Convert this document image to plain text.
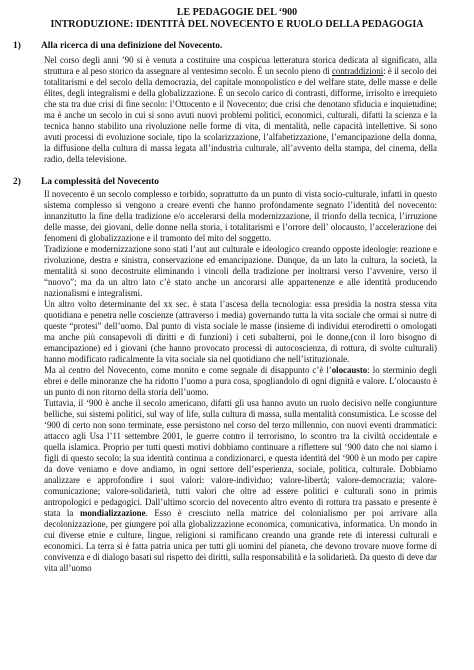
LE PEDAGOGIE DEL ‘900
INTRODUZIONE: IDENTITÀ DEL NOVECENTO E RUOLO DELLA PEDAGOGIA
1)	Alla ricerca di una definizione del Novecento.

Nel corso degli anni ’90 si è venuta a costituire una cospicua letteratura storica dedicata al significato, alla struttura e al peso storico da assegnare al ventesimo secolo. È un secolo pieno di contraddizioni: è il secolo dei totalitarismi e del secolo della democrazia, del capitale monopolistico e del welfare state, delle masse e delle élites, degli integralismi e della globalizzazione. È un secolo carico di contrasti, difforme, irrisolto e irrequieto che sta tra due crisi di fine secolo: l’Ottocento e il Novecento; due crisi che denotano sfiducia e inquietudine; ma è anche un secolo in cui si sono avuti nuovi problemi politici, economici, culturali, difatti la scienza e la tecnica hanno stabilito una rivoluzione nelle forme di vita, di mentalità, nelle capacità intellettive. Si sono avuti processi di evoluzione sociale, tipo la scolarizzazione, l’alfabetizzazione, l’emancipazione della donna, la diffusione della cultura di massa legata all’industria culturale, all’avvento della stampa, del cinema, della radio, della televisione.

2)	La complessità del Novecento

Il novecento è un secolo complesso e torbido, soprattutto da un punto di vista socio-culturale, infatti in questo sistema complesso si vengono a creare eventi che hanno profondamente segnato l’identità del novecento: innanzitutto la fine della tradizione e/o accelerarsi della modernizzazione, il trionfo della tecnica, l’irruzione delle masse, dei giovani, delle donne nella storia, i totalitarismi e l’orrore dell’ olocausto, l’accelerazione dei fenomeni di globalizzazione e il tramonto del mito del soggetto.

Tradizione e modernizzazione sono stati l’aut aut culturale e ideologico creando opposte ideologie: reazione e rivoluzione, destra e sinistra, conservazione ed emancipazione. Dunque, da un lato la cultura, la società, la mentalità si sono decostruite eliminando i vincoli della tradizione per inoltrarsi verso l’avvenire, verso il “nuovo”; ma da un altro lato c’è stato anche un ancorarsi alle appartenenze e alle identità producendo nazionalismi e integralismi.

Un altro volto determinante del xx sec. è stata l’ascesa della tecnologia: essa presidia la nostra stessa vita quotidiana e penetra nelle coscienze (attraverso i media) governando tutta la vita sociale che ormai si nutre di queste “protesi” dell’uomo. Dal punto di vista sociale le masse (insieme di individui eterodiretti o omologati ma anche più consapevoli di diritti e di funzioni) i ceti subalterni, poi le donne,(con il loro bisogno di emancipazione) ed i giovani (che hanno provocato processi di autocoscienza, di rottura, di svolte culturali) hanno modificato radicalmente la vita sociale sia nel quotidiano che nell’istituzionale.

Ma al centro del Novecento, come monito e come segnale di disappunto c’è l’olocausto: lo sterminio degli ebrei e delle minoranze che ha ridotto l’uomo a pura cosa, spogliandolo di ogni dignità e valore. L’olocausto è un punto di non ritorno della storia dell’uomo.

Tuttavia, il ‘900 è anche il secolo americano, difatti gli usa hanno avuto un ruolo decisivo nelle congiunture belliche, sui sistemi politici, sul way of life, sulla cultura di massa, sulla mentalità consumistica. Le scosse del ‘900 di certo non sono terminate, esse persistono nel corso del terzo millennio, con nuovi eventi drammatici: attacco agli Usa l’11 settembre 2001, le guerre contro il terrorismo, lo scontro tra la civiltà occidentale e quella islamica. Proprio per tutti questi motivi dobbiamo continuare a riflettere sul ‘900 dato che noi siamo i figli di questo secolo; la sua identità continua a condizionarci, e questa identità del ‘900 è un modo per capire da dove veniamo e dove andiamo, in ogni settore dell’esperienza, sociale, politica, culturale. Dobbiamo analizzare e approfondire i suoi valori: valore-individuo; valore-libertà; valore-democrazia; valore-comunicazione; valore-solidarietà, tutti valori che oltre ad essere politici e culturali sono in primis antropologici e pedagogici. Dall’ultimo scorcio del novecento altro evento di rottura tra passato e presente è stata la mondializzazione. Esso è cresciuto nella matrice del colonialismo per poi arrivare alla decolonizzazione, per giungere poi alla globalizzazione economica, comunicativa, informatica. Un mondo in cui diverse etnie e culture, lingue, religioni si ramificano creando una grande rete di interessi culturali e economici. La terra si è fatta patria unica per tutti gli uomini del pianeta, che devono trovare nuove forme di convivenza e di dialogo basati sul rispetto dei diritti, sulla responsabilità e la solidarietà. Da questo di deve dar vita all’uomo
